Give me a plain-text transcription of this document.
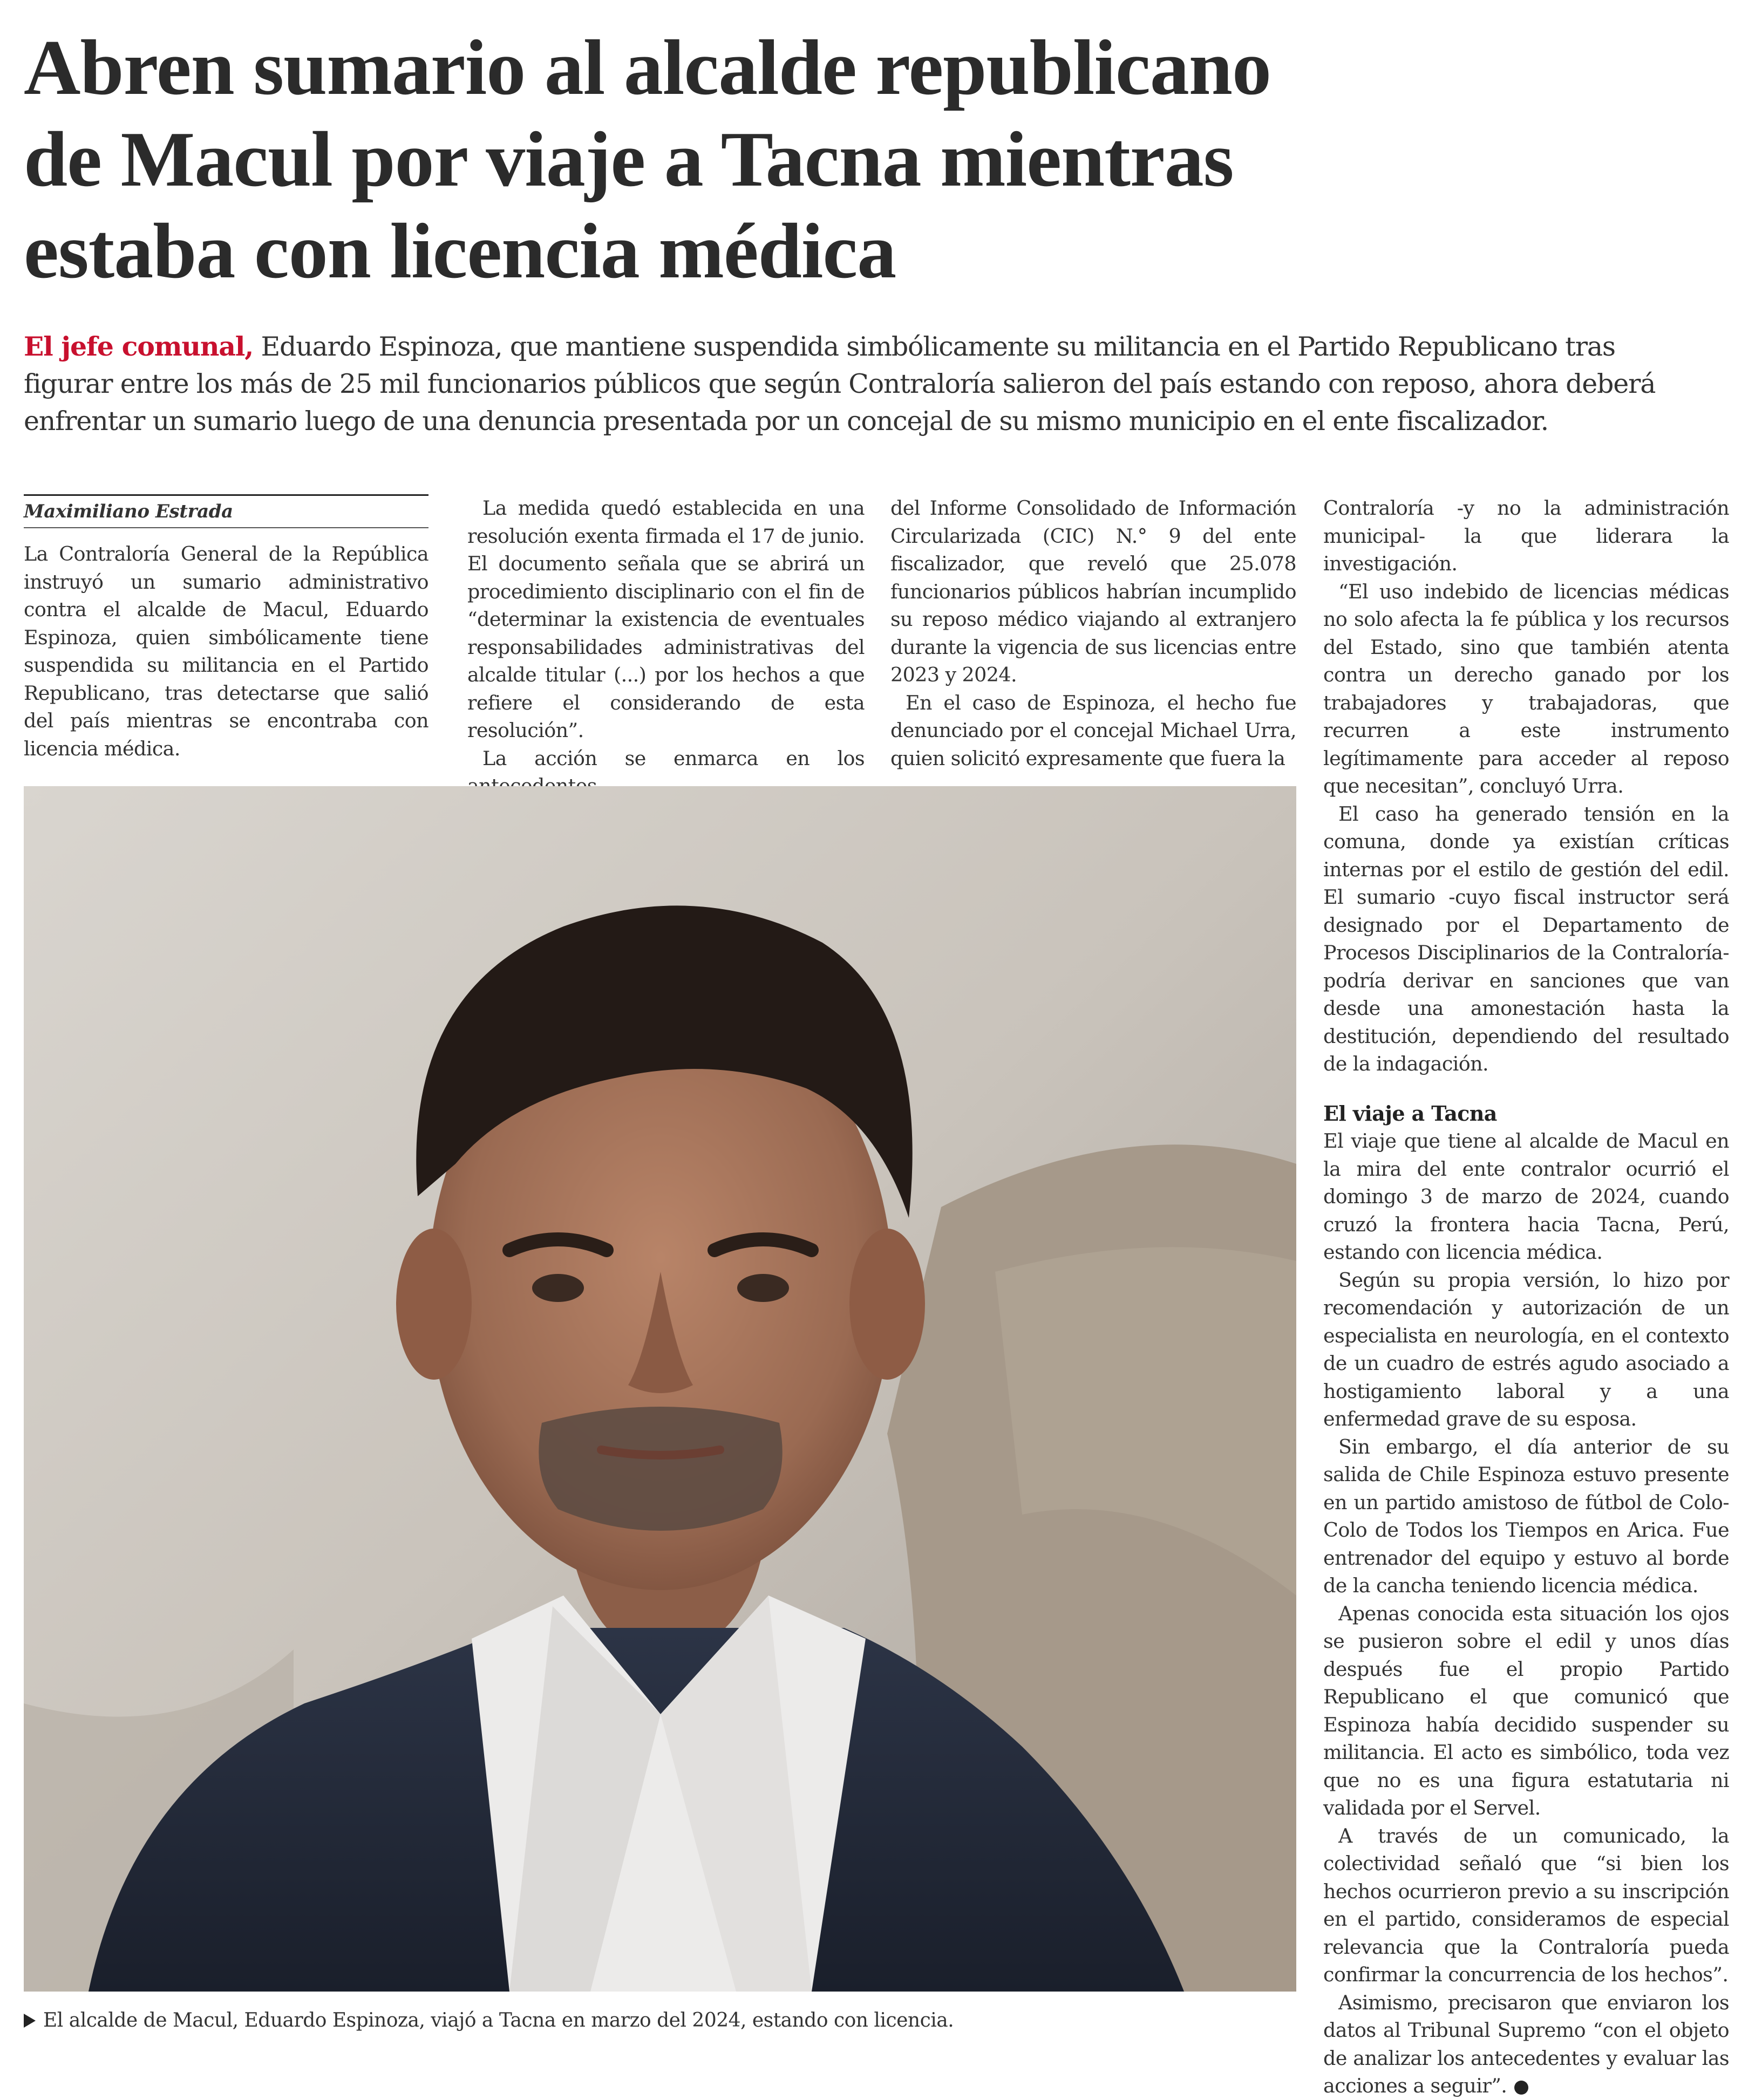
Abren sumario al alcalde republicano
de Macul por viaje a Tacna mientras
estaba con licencia médica
El jefe comunal, Eduardo Espinoza, que mantiene suspendida simbólicamente su militancia en el Partido Republicano tras
figurar entre los más de 25 mil funcionarios públicos que según Contraloría salieron del país estando con reposo, ahora deberá
enfrentar un sumario luego de una denuncia presentada por un concejal de su mismo municipio en el ente fiscalizador.
Maximiliano Estrada

La Contraloría General de la República instruyó un sumario administrativo contra el alcalde de Macul, Eduardo Espinoza, quien simbólicamente tiene suspendida su militancia en el Partido Republicano, tras detectarse que salió del país mientras se encontraba con licencia médica.

La medida quedó establecida en una resolución exenta firmada el 17 de junio. El documento señala que se abrirá un procedimiento disciplinario con el fin de “determinar la existencia de eventuales responsabilidades administrativas del alcalde titular (...) por los hechos a que refiere el considerando de esta resolución”.

La acción se enmarca en los

del Informe Consolidado de Información Circularizada (CIC) N.° 9 del ente fiscalizador, que reveló que 25.078 funcionarios públicos habrían incumplido su reposo médico viajando al extranjero durante la vigencia de sus licencias entre 2023 y 2024.

En el caso de Espinoza, el hecho fue denunciado por el concejal Michael Urra, quien solicitó expresamente que fuera la

Contraloría -y no la administración municipal- la que liderara la investigación.

“El uso indebido de licencias médicas no solo afecta la fe pública y los recursos del Estado, sino que también atenta contra un derecho ganado por los trabajadores y trabajadoras, que recurren a este instrumento legítimamente para acceder al reposo que necesitan”, concluyó Urra.

El caso ha generado tensión en la comuna, donde ya existían críticas internas por el estilo de gestión del edil. El sumario -cuyo fiscal instructor será designado por el Departamento de Procesos Disciplinarios de la Contraloría- podría derivar en sanciones que van desde una amonestación hasta la destitución, dependiendo del resultado de la indagación.

El viaje a Tacna

El viaje que tiene al alcalde de Macul en la mira del ente contralor ocurrió el domingo 3 de marzo de 2024, cuando cruzó la frontera hacia Tacna, Perú, estando con licencia médica.

Según su propia versión, lo hizo por recomendación y autorización de un especialista en neurología, en el contexto de un cuadro de estrés agudo asociado a hostigamiento laboral y a una enfermedad grave de su esposa.

Sin embargo, el día anterior de su salida de Chile Espinoza estuvo presente en un partido amistoso de fútbol de Colo-Colo de Todos los Tiempos en Arica. Fue entrenador del equipo y estuvo al borde de la cancha teniendo licencia médica.

Apenas conocida esta situación los ojos se pusieron sobre el edil y unos días después fue el propio Partido Republicano el que comunicó que Espinoza había decidido suspender su militancia. El acto es simbólico, toda vez que no es una figura estatutaria ni validada por el Servel.

A través de un comunicado, la colectividad señaló que “si bien los hechos ocurrieron previo a su inscripción en el partido, consideramos de especial relevancia que la Contraloría pueda confirmar la concurrencia de los hechos”.

Asimismo, precisaron que enviaron los datos al Tribunal Supremo “con el objeto de analizar los antecedentes y evaluar las acciones a seguir”.

El alcalde de Macul, Eduardo Espinoza, viajó a Tacna en marzo del 2024, estando con licencia.
